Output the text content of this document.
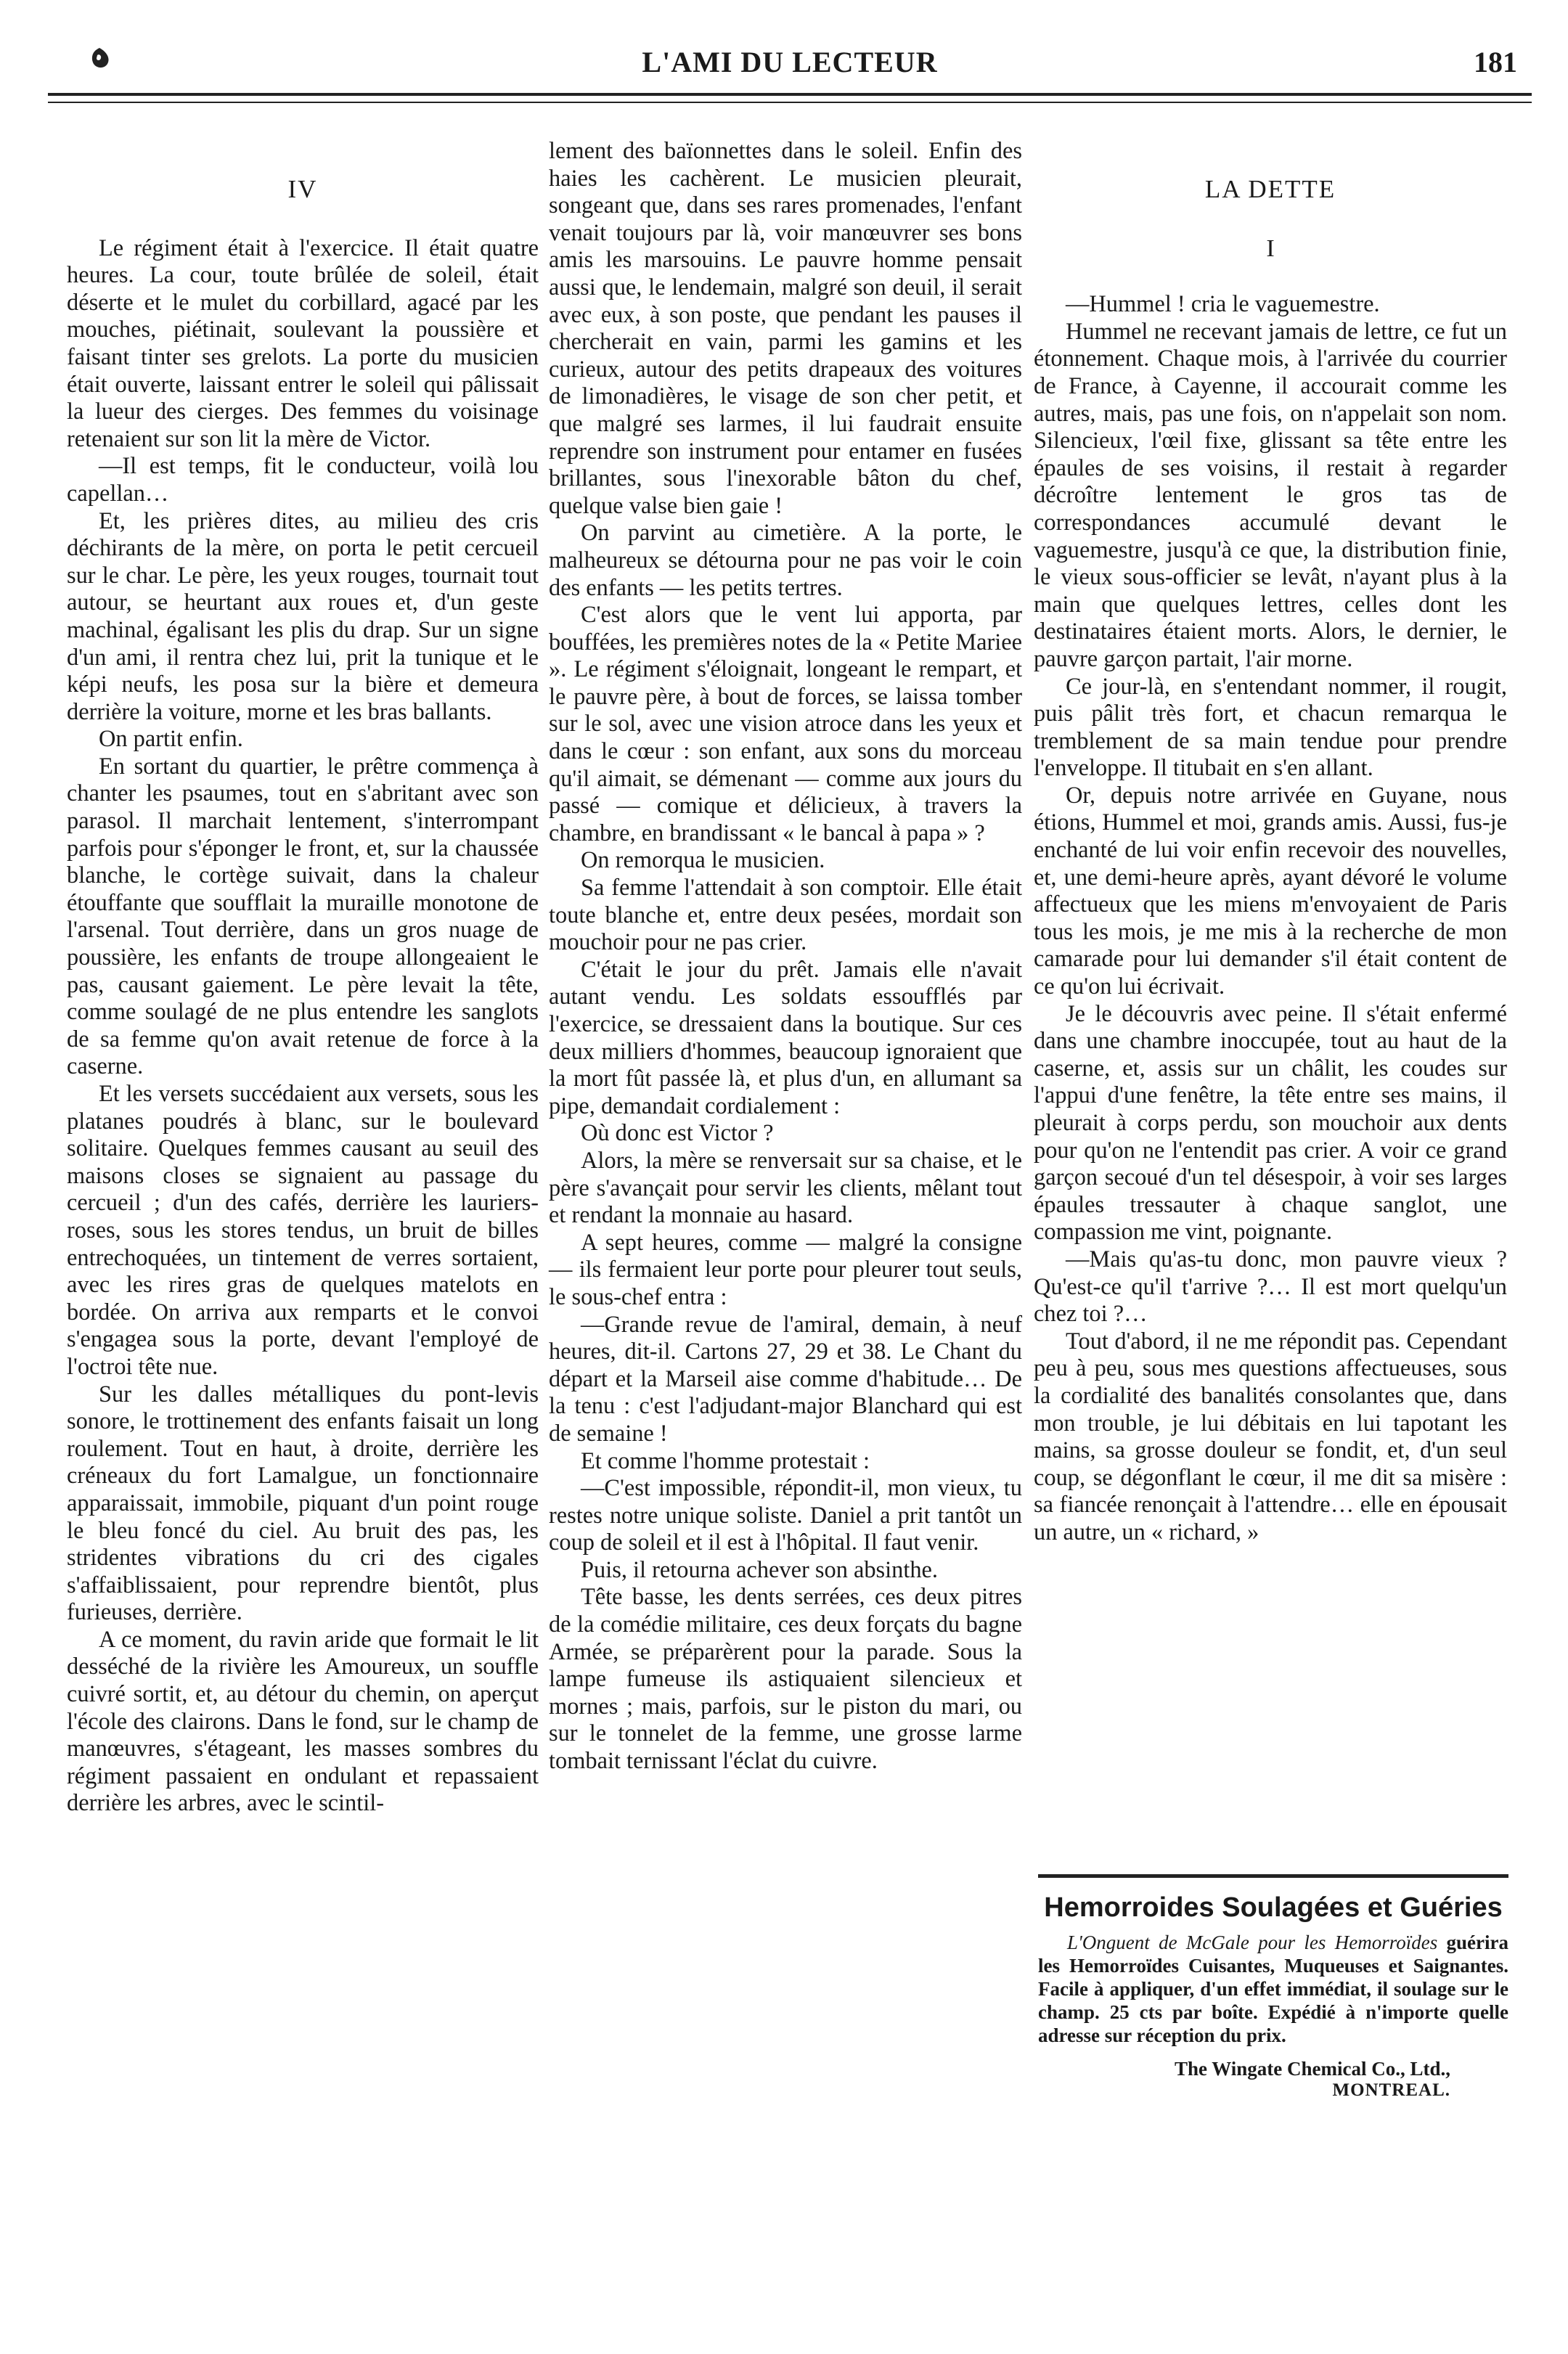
L'AMI DU LECTEUR	181
IV

Le régiment était à l'exercice. Il était quatre heures. La cour, toute brûlée de soleil, était déserte et le mulet du corbillard, agacé par les mouches, piétinait, soulevant la poussière et faisant tinter ses grelots. La porte du musicien était ouverte, laissant entrer le soleil qui pâlissait la lueur des cierges. Des femmes du voisinage retenaient sur son lit la mère de Victor.

—Il est temps, fit le conducteur, voilà lou capellan…

Et, les prières dites, au milieu des cris déchirants de la mère, on porta le petit cercueil sur le char. Le père, les yeux rouges, tournait tout autour, se heurtant aux roues et, d'un geste machinal, égalisant les plis du drap. Sur un signe d'un ami, il rentra chez lui, prit la tunique et le képi neufs, les posa sur la bière et demeura derrière la voiture, morne et les bras ballants.

On partit enfin.

En sortant du quartier, le prêtre commença à chanter les psaumes, tout en s'abritant avec son parasol. Il marchait lentement, s'interrompant parfois pour s'éponger le front, et, sur la chaussée blanche, le cortège suivait, dans la chaleur étouffante que soufflait la muraille monotone de l'arsenal. Tout derrière, dans un gros nuage de poussière, les enfants de troupe allongeaient le pas, causant gaiement. Le père levait la tête, comme soulagé de ne plus entendre les sanglots de sa femme qu'on avait retenue de force à la caserne.

Et les versets succédaient aux versets, sous les platanes poudrés à blanc, sur le boulevard solitaire. Quelques femmes causant au seuil des maisons closes se signaient au passage du cercueil ; d'un des cafés, derrière les lauriers-roses, sous les stores tendus, un bruit de billes entrechoquées, un tintement de verres sortaient, avec les rires gras de quelques matelots en bordée. On arriva aux remparts et le convoi s'engagea sous la porte, devant l'employé de l'octroi tête nue.

Sur les dalles métalliques du pont-levis sonore, le trottinement des enfants faisait un long roulement. Tout en haut, à droite, derrière les créneaux du fort Lamalgue, un fonctionnaire apparaissait, immobile, piquant d'un point rouge le bleu foncé du ciel. Au bruit des pas, les stridentes vibrations du cri des cigales s'affaiblissaient, pour reprendre bientôt, plus furieuses, derrière.

A ce moment, du ravin aride que formait le lit desséché de la rivière les Amoureux, un souffle cuivré sortit, et, au détour du chemin, on aperçut l'école des clairons. Dans le fond, sur le champ de manœuvres, s'étageant, les masses sombres du régiment passaient en ondulant et repassaient derrière les arbres, avec le scintil-

lement des baïonnettes dans le soleil. Enfin des haies les cachèrent. Le musicien pleurait, songeant que, dans ses rares promenades, l'enfant venait toujours par là, voir manœuvrer ses bons amis les marsouins. Le pauvre homme pensait aussi que, le lendemain, malgré son deuil, il serait avec eux, à son poste, que pendant les pauses il chercherait en vain, parmi les gamins et les curieux, autour des petits drapeaux des voitures de limonadières, le visage de son cher petit, et que malgré ses larmes, il lui faudrait ensuite reprendre son instrument pour entamer en fusées brillantes, sous l'inexorable bâton du chef, quelque valse bien gaie !

On parvint au cimetière. A la porte, le malheureux se détourna pour ne pas voir le coin des enfants — les petits tertres.

C'est alors que le vent lui apporta, par bouffées, les premières notes de la « Petite Mariee ». Le régiment s'éloignait, longeant le rempart, et le pauvre père, à bout de forces, se laissa tomber sur le sol, avec une vision atroce dans les yeux et dans le cœur : son enfant, aux sons du morceau qu'il aimait, se démenant — comme aux jours du passé — comique et délicieux, à travers la chambre, en brandissant « le bancal à papa » ?

On remorqua le musicien.

Sa femme l'attendait à son comptoir. Elle était toute blanche et, entre deux pesées, mordait son mouchoir pour ne pas crier.

C'était le jour du prêt. Jamais elle n'avait autant vendu. Les soldats essoufflés par l'exercice, se dressaient dans la boutique. Sur ces deux milliers d'hommes, beaucoup ignoraient que la mort fût passée là, et plus d'un, en allumant sa pipe, demandait cordialement :

Où donc est Victor ?

Alors, la mère se renversait sur sa chaise, et le père s'avançait pour servir les clients, mêlant tout et rendant la monnaie au hasard.

A sept heures, comme — malgré la consigne — ils fermaient leur porte pour pleurer tout seuls, le sous-chef entra :

—Grande revue de l'amiral, demain, à neuf heures, dit-il. Cartons 27, 29 et 38. Le Chant du départ et la Marseil aise comme d'habitude… De la tenu : c'est l'adjudant-major Blanchard qui est de semaine !

Et comme l'homme protestait :

—C'est impossible, répondit-il, mon vieux, tu restes notre unique soliste. Daniel a prit tantôt un coup de soleil et il est à l'hôpital. Il faut venir.

Puis, il retourna achever son absinthe.

Tête basse, les dents serrées, ces deux pitres de la comédie militaire, ces deux forçats du bagne Armée, se préparèrent pour la parade. Sous la lampe fumeuse ils astiquaient silencieux et mornes ; mais, parfois, sur le piston du mari, ou sur le tonnelet de la femme, une grosse larme tombait ternissant l'éclat du cuivre.

LA DETTE
I

—Hummel ! cria le vaguemestre.

Hummel ne recevant jamais de lettre, ce fut un étonnement. Chaque mois, à l'arrivée du courrier de France, à Cayenne, il accourait comme les autres, mais, pas une fois, on n'appelait son nom. Silencieux, l'œil fixe, glissant sa tête entre les épaules de ses voisins, il restait à regarder décroître lentement le gros tas de correspondances accumulé devant le vaguemestre, jusqu'à ce que, la distribution finie, le vieux sous-officier se levât, n'ayant plus à la main que quelques lettres, celles dont les destinataires étaient morts. Alors, le dernier, le pauvre garçon partait, l'air morne.

Ce jour-là, en s'entendant nommer, il rougit, puis pâlit très fort, et chacun remarqua le tremblement de sa main tendue pour prendre l'enveloppe. Il titubait en s'en allant.

Or, depuis notre arrivée en Guyane, nous étions, Hummel et moi, grands amis. Aussi, fus-je enchanté de lui voir enfin recevoir des nouvelles, et, une demi-heure après, ayant dévoré le volume affectueux que les miens m'envoyaient de Paris tous les mois, je me mis à la recherche de mon camarade pour lui demander s'il était content de ce qu'on lui écrivait.

Je le découvris avec peine. Il s'était enfermé dans une chambre inoccupée, tout au haut de la caserne, et, assis sur un châlit, les coudes sur l'appui d'une fenêtre, la tête entre ses mains, il pleurait à corps perdu, son mouchoir aux dents pour qu'on ne l'entendit pas crier. A voir ce grand garçon secoué d'un tel désespoir, à voir ses larges épaules tressauter à chaque sanglot, une compassion me vint, poignante.

—Mais qu'as-tu donc, mon pauvre vieux ? Qu'est-ce qu'il t'arrive ?… Il est mort quelqu'un chez toi ?…

Tout d'abord, il ne me répondit pas. Cependant peu à peu, sous mes questions affectueuses, sous la cordialité des banalités consolantes que, dans mon trouble, je lui débitais en lui tapotant les mains, sa grosse douleur se fondit, et, d'un seul coup, se dégonflant le cœur, il me dit sa misère : sa fiancée renonçait à l'attendre… elle en épousait un autre, un « richard, »

Hemorroides Soulagées et Guéries

L'Onguent de McGale pour les Hemorroïdes guérira les Hemorroïdes Cuisantes, Muqueuses et Saignantes. Facile à appliquer, d'un effet immédiat, il soulage sur le champ. 25 cts par boîte. Expédié à n'importe quelle adresse sur réception du prix.

The Wingate Chemical Co., Ltd.,
MONTREAL.
